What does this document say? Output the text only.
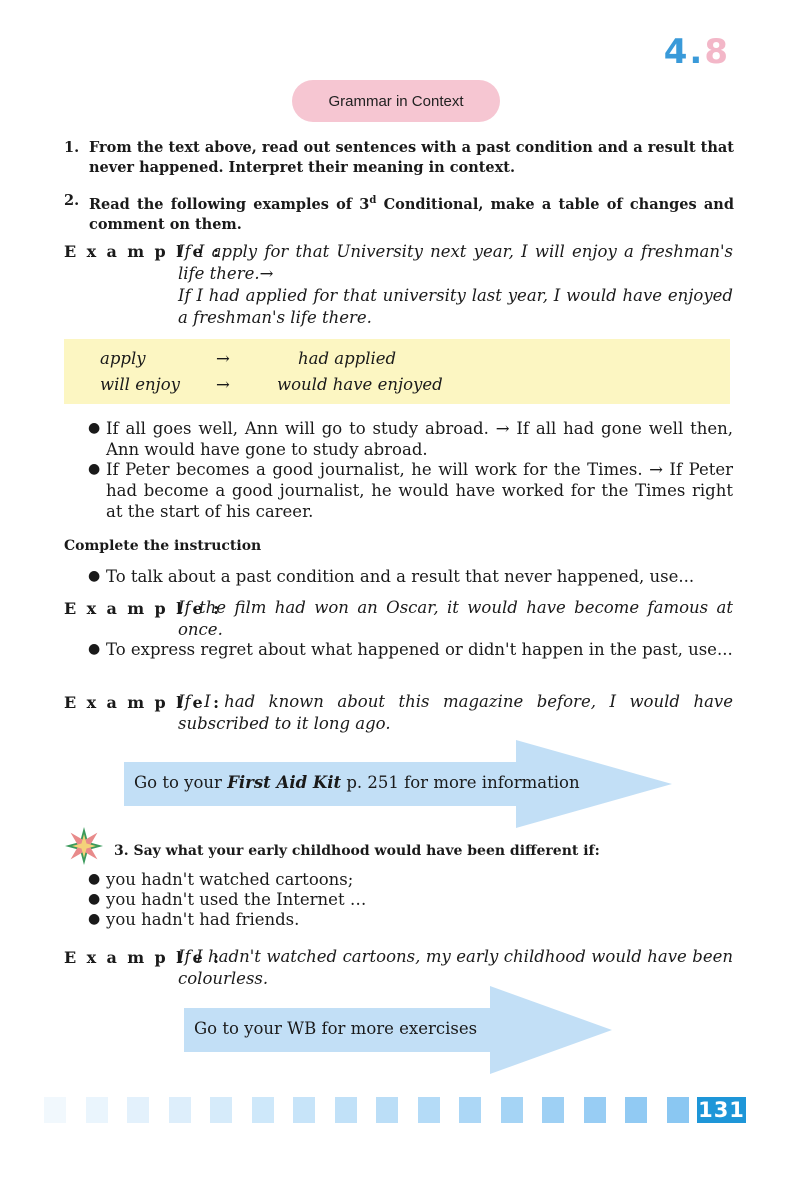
4.8
Grammar in Context
1. From the text above, read out sentences with a past condition and a result that never happened. Interpret their meaning in context.
2. Read the following examples of 3$^d$ Conditional, make a table of changes and comment on them.
E x a m p l e :
If I apply for that University next year, I will enjoy a freshman's life there.→
If I had applied for that university last year, I would have enjoyed a freshman's life there.
apply	→	had applied
will enjoy →	would have enjoyed
● If all goes well, Ann will go to study abroad. → If all had gone well then, Ann would have gone to study abroad.
● If Peter becomes a good journalist, he will work for the Times. → If Peter had become a good journalist, he would have worked for the Times right at the start of his career.
Complete the instruction
● To talk about a past condition and a result that never happened, use...
E x a m p l e :
If the film had won an Oscar, it would have become famous at once.
● To express regret about what happened or didn't happen in the past, use...
E x a m p l e :
If I had known about this magazine before, I would have subscribed to it long ago.
Go to your First Aid Kit p. 251 for more information
3. Say what your early childhood would have been different if:
● you hadn't watched cartoons;
● you hadn't used the Internet …
● you hadn't had friends.
E x a m p l e :
If I hadn't watched cartoons, my early childhood would have been colourless.
Go to your WB for more exercises
131
